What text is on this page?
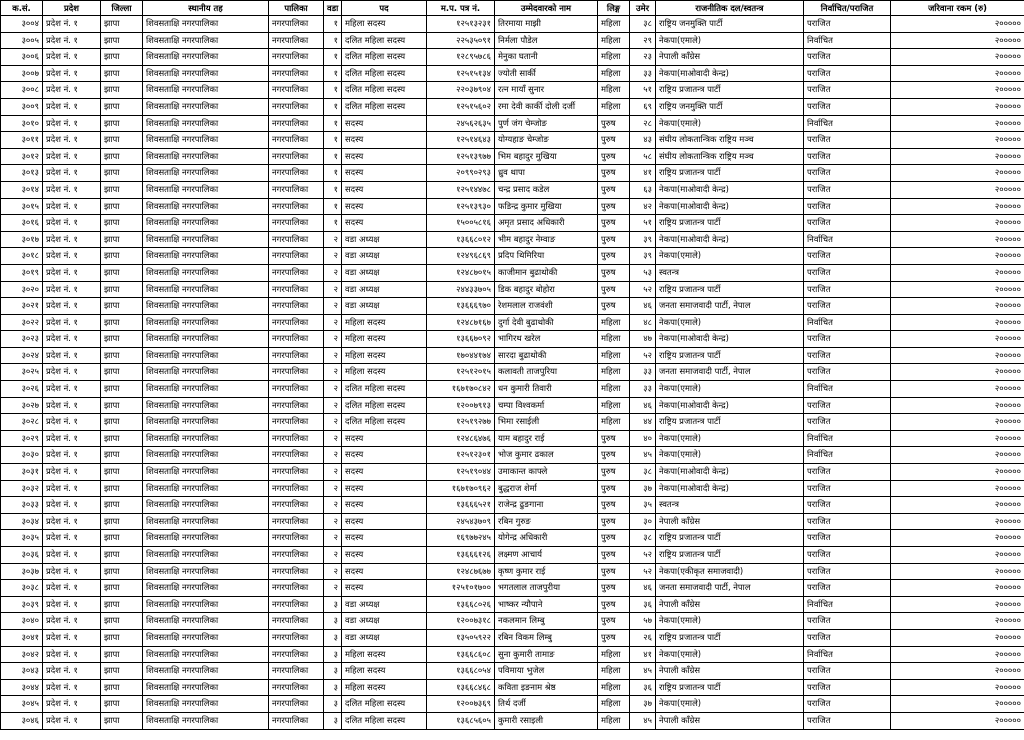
क.सं.	प्रदेश	जिल्ला	स्थानीय तह	पालिका	वडा	पद	म.प. पत्र नं.	उम्मेदवारको नाम	लिङ्ग	उमेर	राजनीतिक दल/स्वतन्त्र	निर्वाचित/पराजित	जरिवाना रकम (रु)
३००४	प्रदेश नं. १	झापा	शिवसताक्षि नगरपालिका	नगरपालिका	१	महिला सदस्य	१२५१३२३१	तिरमाया माझी	महिला	३८	राष्ट्रिय जनमुक्ति पार्टी	पराजित	२०००००
३००५	प्रदेश नं. १	झापा	शिवसताक्षि नगरपालिका	नगरपालिका	१	दलित महिला सदस्य	२२५३५०९१	निर्मला पौडेल	महिला	२९	नेकपा(एमाले)	निर्वाचित	२०००००
३००६	प्रदेश नं. १	झापा	शिवसताक्षि नगरपालिका	नगरपालिका	१	दलित महिला सदस्य	१२८९५७८६	मेनुका घतानी	महिला	२३	नेपाली काँग्रेस	पराजित	२०००००
३००७	प्रदेश नं. १	झापा	शिवसताक्षि नगरपालिका	नगरपालिका	१	दलित महिला सदस्य	१२५१५१३४	ज्योती सार्की	महिला	३३	नेकपा(माओवादी केन्द्र)	पराजित	२०००००
३००८	प्रदेश नं. १	झापा	शिवसताक्षि नगरपालिका	नगरपालिका	१	दलित महिला सदस्य	२२०३७९०४	रत्न मायाँ सुनार	महिला	५१	राष्ट्रिय प्रजातन्त्र पार्टी	पराजित	२०००००
३००९	प्रदेश नं. १	झापा	शिवसताक्षि नगरपालिका	नगरपालिका	१	दलित महिला सदस्य	१२५१५६०२	रमा देवी कार्की दोली दर्जी	महिला	६९	राष्ट्रिय जनमुक्ति पार्टी	पराजित	२०००००
३०१०	प्रदेश नं. १	झापा	शिवसताक्षि नगरपालिका	नगरपालिका	१	सदस्य	२४५६२६३५	पुर्ण जंग चेम्जोङ	पुरुष	२८	नेकपा(एमाले)	निर्वाचित	२०००००
३०११	प्रदेश नं. १	झापा	शिवसताक्षि नगरपालिका	नगरपालिका	१	सदस्य	१२५१४६४३	योग्यहाङ चेम्जोङ	पुरुष	४३	संघीय लोकतान्त्रिक राष्ट्रिय मञ्च	पराजित	२०००००
३०१२	प्रदेश नं. १	झापा	शिवसताक्षि नगरपालिका	नगरपालिका	१	सदस्य	१२५१३९७७	भिम बहादुर मुखिया	पुरुष	५८	संघीय लोकतान्त्रिक राष्ट्रिय मञ्च	पराजित	२०००००
३०१३	प्रदेश नं. १	झापा	शिवसताक्षि नगरपालिका	नगरपालिका	१	सदस्य	२०९९०२९३	ध्रुव थापा	पुरुष	४१	राष्ट्रिय प्रजातन्त्र पार्टी	पराजित	२०००००
३०१४	प्रदेश नं. १	झापा	शिवसताक्षि नगरपालिका	नगरपालिका	१	सदस्य	१२५१४४७८	चन्द्र प्रसाद कडेल	पुरुष	६३	नेकपा(माओवादी केन्द्र)	पराजित	२०००००
३०१५	प्रदेश नं. १	झापा	शिवसताक्षि नगरपालिका	नगरपालिका	१	सदस्य	१२५१३९३०	फडिन्द्र कुमार मुखिया	पुरुष	४२	नेकपा(माओवादी केन्द्र)	पराजित	२०००००
३०१६	प्रदेश नं. १	झापा	शिवसताक्षि नगरपालिका	नगरपालिका	१	सदस्य	१५००५८१६	अमृत प्रसाद अधिकारी	पुरुष	५१	राष्ट्रिय प्रजातन्त्र पार्टी	पराजित	२०००००
३०१७	प्रदेश नं. १	झापा	शिवसताक्षि नगरपालिका	नगरपालिका	२	वडा अध्यक्ष	१३६६८०१२	भीम बहादुर नेम्वाङ	पुरुष	३९	नेकपा(माओवादी केन्द्र)	निर्वाचित	२०००००
३०१८	प्रदेश नं. १	झापा	शिवसताक्षि नगरपालिका	नगरपालिका	२	वडा अध्यक्ष	१२४९६८६९	प्रदिप थिमिरिया	पुरुष	३९	नेकपा(एमाले)	पराजित	२०००००
३०१९	प्रदेश नं. १	झापा	शिवसताक्षि नगरपालिका	नगरपालिका	२	वडा अध्यक्ष	१२४८७०१५	काजीमान बुढाथोकी	पुरुष	५३	स्वतन्त्र	पराजित	२०००००
३०२०	प्रदेश नं. १	झापा	शिवसताक्षि नगरपालिका	नगरपालिका	२	वडा अध्यक्ष	२४४३३७०५	डिक बहादुर बोहोरा	पुरुष	५२	राष्ट्रिय प्रजातन्त्र पार्टी	पराजित	२०००००
३०२१	प्रदेश नं. १	झापा	शिवसताक्षि नगरपालिका	नगरपालिका	२	वडा अध्यक्ष	१३६६६९७०	रेशमलाल राजवंशी	पुरुष	४६	जनता समाजवादी पार्टी, नेपाल	पराजित	२०००००
३०२२	प्रदेश नं. १	झापा	शिवसताक्षि नगरपालिका	नगरपालिका	२	महिला सदस्य	१२४८७१६७	दुर्गा देवी बुढाथोकी	महिला	४८	नेकपा(एमाले)	निर्वाचित	२०००००
३०२३	प्रदेश नं. १	झापा	शिवसताक्षि नगरपालिका	नगरपालिका	२	महिला सदस्य	१३६६७०९२	भागिरथ खरेल	महिला	४७	नेकपा(माओवादी केन्द्र)	पराजित	२०००००
३०२४	प्रदेश नं. १	झापा	शिवसताक्षि नगरपालिका	नगरपालिका	२	महिला सदस्य	१७०४४१७४	सारदा बुढाथोकी	महिला	५२	राष्ट्रिय प्रजातन्त्र पार्टी	पराजित	२०००००
३०२५	प्रदेश नं. १	झापा	शिवसताक्षि नगरपालिका	नगरपालिका	२	महिला सदस्य	१२५१२०१५	कलावती ताजपुरिया	महिला	३३	जनता समाजवादी पार्टी, नेपाल	पराजित	२०००००
३०२६	प्रदेश नं. १	झापा	शिवसताक्षि नगरपालिका	नगरपालिका	२	दलित महिला सदस्य	१६७१७०८४२	धन कुमारी तिवारी	महिला	३३	नेकपा(एमाले)	निर्वाचित	२०००००
३०२७	प्रदेश नं. १	झापा	शिवसताक्षि नगरपालिका	नगरपालिका	२	दलित महिला सदस्य	१२००७९१३	चम्पा विश्वकर्मा	महिला	४६	नेकपा(माओवादी केन्द्र)	पराजित	२०००००
३०२८	प्रदेश नं. १	झापा	शिवसताक्षि नगरपालिका	नगरपालिका	२	दलित महिला सदस्य	१२५१९२७७	भिमा रसाईली	महिला	४४	राष्ट्रिय प्रजातन्त्र पार्टी	पराजित	२०००००
३०२९	प्रदेश नं. १	झापा	शिवसताक्षि नगरपालिका	नगरपालिका	२	सदस्य	१२४८६४७६	याम बहादुर राई	पुरुष	४०	नेकपा(एमाले)	निर्वाचित	२०००००
३०३०	प्रदेश नं. १	झापा	शिवसताक्षि नगरपालिका	नगरपालिका	२	सदस्य	१२५१२३०१	भोज कुमार ढकाल	पुरुष	४५	नेकपा(एमाले)	निर्वाचित	२०००००
३०३१	प्रदेश नं. १	झापा	शिवसताक्षि नगरपालिका	नगरपालिका	२	सदस्य	१२५१९०४४	उमाकान्त काफ्ले	पुरुष	३८	नेकपा(माओवादी केन्द्र)	पराजित	२०००००
३०३२	प्रदेश नं. १	झापा	शिवसताक्षि नगरपालिका	नगरपालिका	२	सदस्य	१६७१७०९६२	बुद्धराज शेर्मा	पुरुष	३७	नेकपा(माओवादी केन्द्र)	पराजित	२०००००
३०३३	प्रदेश नं. १	झापा	शिवसताक्षि नगरपालिका	नगरपालिका	२	सदस्य	१३६६६५२१	राजेन्द्र ढुङगाना	पुरुष	३५	स्वतन्त्र	पराजित	२०००००
३०३४	प्रदेश नं. १	झापा	शिवसताक्षि नगरपालिका	नगरपालिका	२	सदस्य	२४५४३७०९	रबिन गुरुङ	पुरुष	३०	नेपाली काँग्रेस	पराजित	२०००००
३०३५	प्रदेश नं. १	झापा	शिवसताक्षि नगरपालिका	नगरपालिका	२	सदस्य	१६९७७२४५	योगेन्द्र अधिकारी	पुरुष	३८	राष्ट्रिय प्रजातन्त्र पार्टी	पराजित	२०००००
३०३६	प्रदेश नं. १	झापा	शिवसताक्षि नगरपालिका	नगरपालिका	२	सदस्य	१३६६६१२६	लक्ष्मण आचार्य	पुरुष	५२	राष्ट्रिय प्रजातन्त्र पार्टी	पराजित	२०००००
३०३७	प्रदेश नं. १	झापा	शिवसताक्षि नगरपालिका	नगरपालिका	२	सदस्य	१२४८७६७७	कृष्ण कुमार राई	पुरुष	५२	नेकपा(एकीकृत समाजवादी)	पराजित	२०००००
३०३८	प्रदेश नं. १	झापा	शिवसताक्षि नगरपालिका	नगरपालिका	२	सदस्य	१२५१०१७००	भगतलाल ताजपुरीया	पुरुष	४६	जनता समाजवादी पार्टी, नेपाल	पराजित	२०००००
३०३९	प्रदेश नं. १	झापा	शिवसताक्षि नगरपालिका	नगरपालिका	३	वडा अध्यक्ष	१३६६८०२६	भाष्कर न्यौपाने	पुरुष	३६	नेपाली काँग्रेस	निर्वाचित	२०००००
३०४०	प्रदेश नं. १	झापा	शिवसताक्षि नगरपालिका	नगरपालिका	३	वडा अध्यक्ष	१२००७३१८	नकलमान लिम्बु	पुरुष	५७	नेकपा(एमाले)	पराजित	२०००००
३०४१	प्रदेश नं. १	झापा	शिवसताक्षि नगरपालिका	नगरपालिका	३	वडा अध्यक्ष	१३५०५९२२	रबिन विकम लिम्बु	पुरुष	२६	राष्ट्रिय प्रजातन्त्र पार्टी	पराजित	२०००००
३०४२	प्रदेश नं. १	झापा	शिवसताक्षि नगरपालिका	नगरपालिका	३	महिला सदस्य	१३६६८६०८	सुना कुमारी तामाङ	महिला	४१	नेकपा(एमाले)	निर्वाचित	२०००००
३०४३	प्रदेश नं. १	झापा	शिवसताक्षि नगरपालिका	नगरपालिका	३	महिला सदस्य	१३६६८०५४	पविमाया भुजेल	महिला	४५	नेपाली काँग्रेस	पराजित	२०००००
३०४४	प्रदेश नं. १	झापा	शिवसताक्षि नगरपालिका	नगरपालिका	३	महिला सदस्य	१३६६८४६८	कविता इङनाम श्रेष्ठ	महिला	३६	राष्ट्रिय प्रजातन्त्र पार्टी	पराजित	२०००००
३०४५	प्रदेश नं. १	झापा	शिवसताक्षि नगरपालिका	नगरपालिका	३	दलित महिला सदस्य	१२००७३६९	तिर्थ दर्जी	महिला	३७	नेकपा(एमाले)	पराजित	२०००००
३०४६	प्रदेश नं. १	झापा	शिवसताक्षि नगरपालिका	नगरपालिका	३	दलित महिला सदस्य	१३६८५६०५	कुमारी रसाइली	महिला	४५	नेपाली काँग्रेस	पराजित	२०००००
